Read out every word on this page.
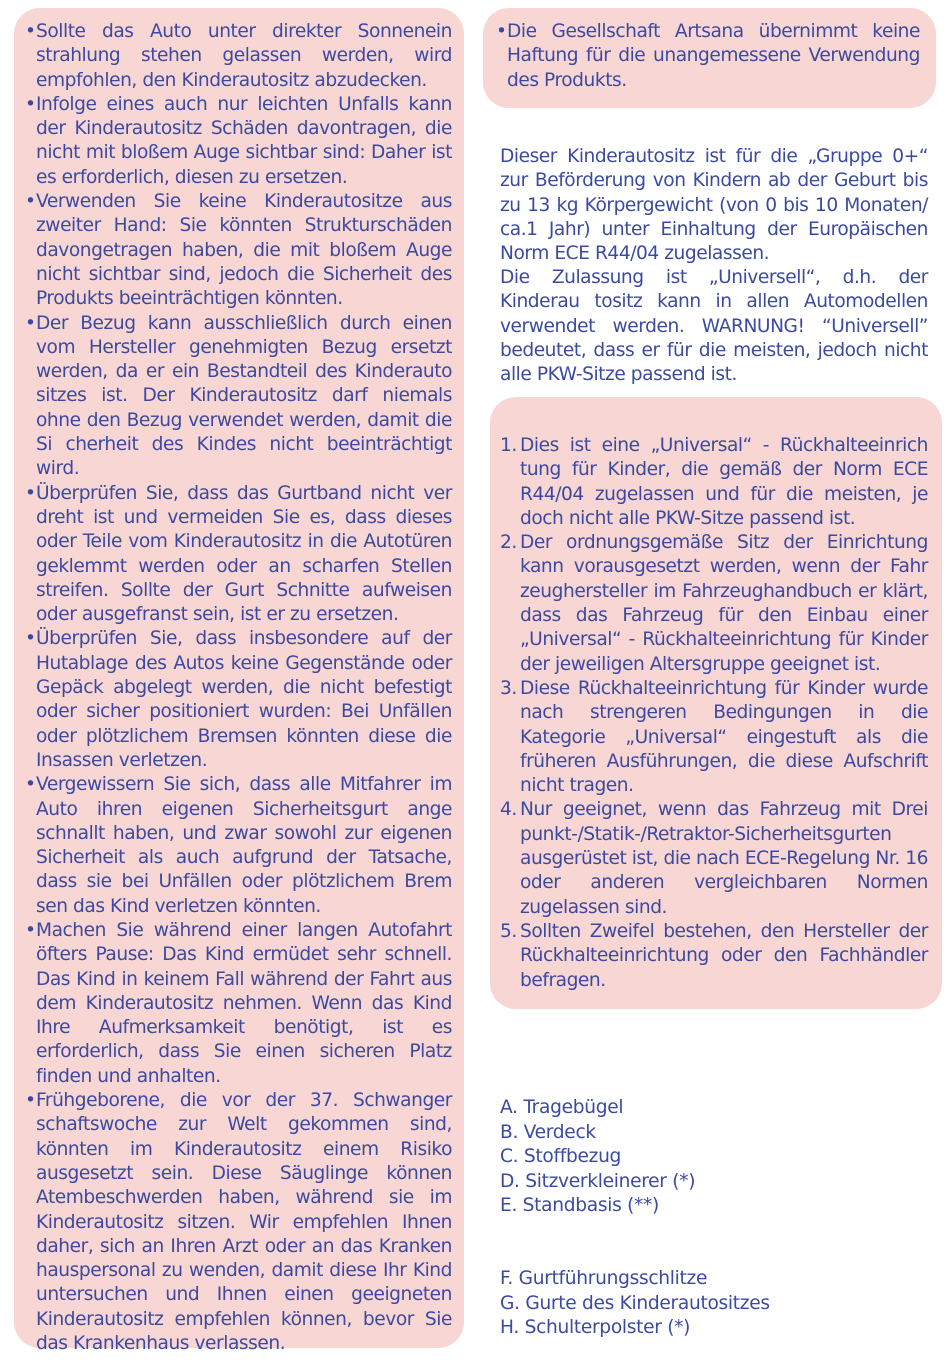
• Sollte das Auto unter direkter Sonnenein strahlung stehen gelassen werden, wird empfohlen, den Kinderautositz abzudecken.
• Infolge eines auch nur leichten Unfalls kann der Kinderautositz Schäden davontragen, die nicht mit bloßem Auge sichtbar sind: Daher ist es erforderlich, diesen zu ersetzen.
• Verwenden Sie keine Kinderautositze aus zweiter Hand: Sie könnten Strukturschäden davongetragen haben, die mit bloßem Auge nicht sichtbar sind, jedoch die Sicherheit des Produkts beeinträchtigen könnten.
• Der Bezug kann ausschließlich durch einen vom Hersteller genehmigten Bezug ersetzt werden, da er ein Bestandteil des Kinderauto sitzes ist. Der Kinderautositz darf niemals ohne den Bezug verwendet werden, damit die Si cherheit des Kindes nicht beeinträchtigt wird.
• Überprüfen Sie, dass das Gurtband nicht ver dreht ist und vermeiden Sie es, dass dieses oder Teile vom Kinderautositz in die Autotüren geklemmt werden oder an scharfen Stellen streifen. Sollte der Gurt Schnitte aufweisen oder ausgefranst sein, ist er zu ersetzen.
• Überprüfen Sie, dass insbesondere auf der Hutablage des Autos keine Gegenstände oder Gepäck abgelegt werden, die nicht befestigt oder sicher positioniert wurden: Bei Unfällen oder plötzlichem Bremsen könnten diese die Insassen verletzen.
• Vergewissern Sie sich, dass alle Mitfahrer im Auto ihren eigenen Sicherheitsgurt ange schnallt haben, und zwar sowohl zur eigenen Sicherheit als auch aufgrund der Tatsache, dass sie bei Unfällen oder plötzlichem Brem sen das Kind verletzen könnten.
• Machen Sie während einer langen Autofahrt öfters Pause: Das Kind ermüdet sehr schnell. Das Kind in keinem Fall während der Fahrt aus dem Kinderautositz nehmen. Wenn das Kind Ihre Aufmerksamkeit benötigt, ist es erforderlich, dass Sie einen sicheren Platz finden und anhalten.
• Frühgeborene, die vor der 37. Schwanger schaftswoche zur Welt gekommen sind, könnten im Kinderautositz einem Risiko ausgesetzt sein. Diese Säuglinge können Atembeschwerden haben, während sie im Kinderautositz sitzen. Wir empfehlen Ihnen daher, sich an Ihren Arzt oder an das Kranken hauspersonal zu wenden, damit diese Ihr Kind untersuchen und Ihnen einen geeigneten Kinderautositz empfehlen können, bevor Sie das Krankenhaus verlassen.
• Die Gesellschaft Artsana übernimmt keine Haftung für die unangemessene Verwendung des Produkts.
Dieser Kinderautositz ist für die „Gruppe 0+“ zur Beförderung von Kindern ab der Geburt bis zu 13 kg Körpergewicht (von 0 bis 10 Monaten/ ca.1 Jahr) unter Einhaltung der Europäischen Norm ECE R44/04 zugelassen.
Die Zulassung ist „Universell“, d.h. der Kinderau tositz kann in allen Automodellen verwendet werden. WARNUNG! “Universell” bedeutet, dass er für die meisten, jedoch nicht alle PKW-Sitze passend ist.
1. Dies ist eine „Universal“ - Rückhalteeinrich tung für Kinder, die gemäß der Norm ECE R44/04 zugelassen und für die meisten, je doch nicht alle PKW-Sitze passend ist.
2. Der ordnungsgemäße Sitz der Einrichtung kann vorausgesetzt werden, wenn der Fahr zeughersteller im Fahrzeughandbuch er klärt, dass das Fahrzeug für den Einbau einer „Universal“ - Rückhalteeinrichtung für Kinder der jeweiligen Altersgruppe geeignet ist.
3. Diese Rückhalteeinrichtung für Kinder wurde nach strengeren Bedingungen in die Kategorie „Universal“ eingestuft als die früheren Ausführungen, die diese Aufschrift nicht tragen.
4. Nur geeignet, wenn das Fahrzeug mit Drei punkt-/Statik-/Retraktor-Sicherheitsgurten ausgerüstet ist, die nach ECE-Regelung Nr. 16 oder anderen vergleichbaren Normen zugelassen sind.
5. Sollten Zweifel bestehen, den Hersteller der Rückhalteeinrichtung oder den Fachhändler befragen.
A. Tragebügel
B. Verdeck
C. Stoffbezug
D. Sitzverkleinerer (*)
E. Standbasis (**)
F. Gurtführungsschlitze
G. Gurte des Kinderautositzes
H. Schulterpolster (*)
